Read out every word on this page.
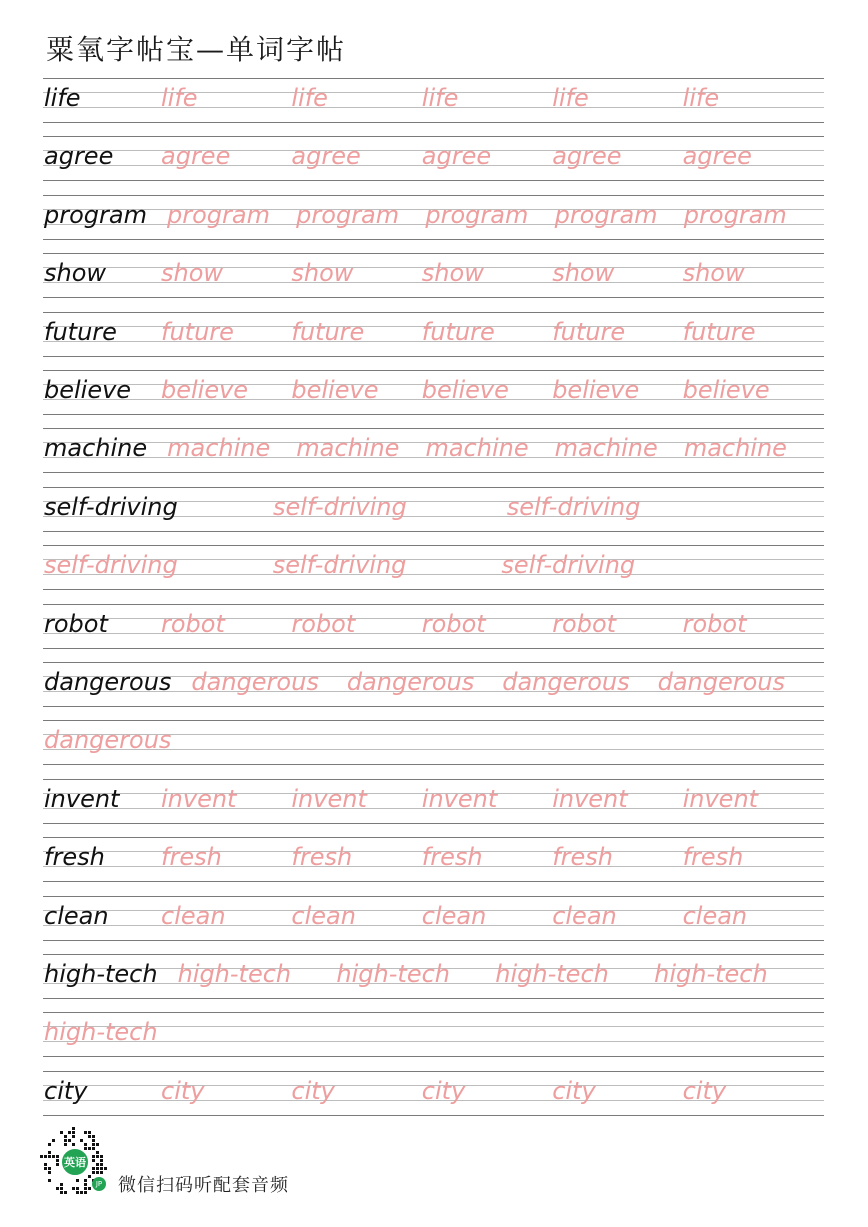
粟氧字帖宝—单词字帖
life	life	life	life	life	life
agree agree	agree	agree	agree	agree
program program program program program program
show show	show	show	show	show
future future future future future future
believe believe believe believe believe believe
machine machine machine machine machine machine
self-driving	self-driving	self-driving
self-driving	self-driving	self-driving
robot robot	robot	robot	robot	robot
dangerous dangerous dangerous dangerous dangerous
dangerous
invent invent invent invent invent invent
fresh fresh	fresh	fresh	fresh	fresh
clean clean	clean	clean	clean	clean
high-tech high-tech high-tech high-tech high-tech
high-tech
city	city	city	city	city	city
英语
JP 微信扫码听配套音频
